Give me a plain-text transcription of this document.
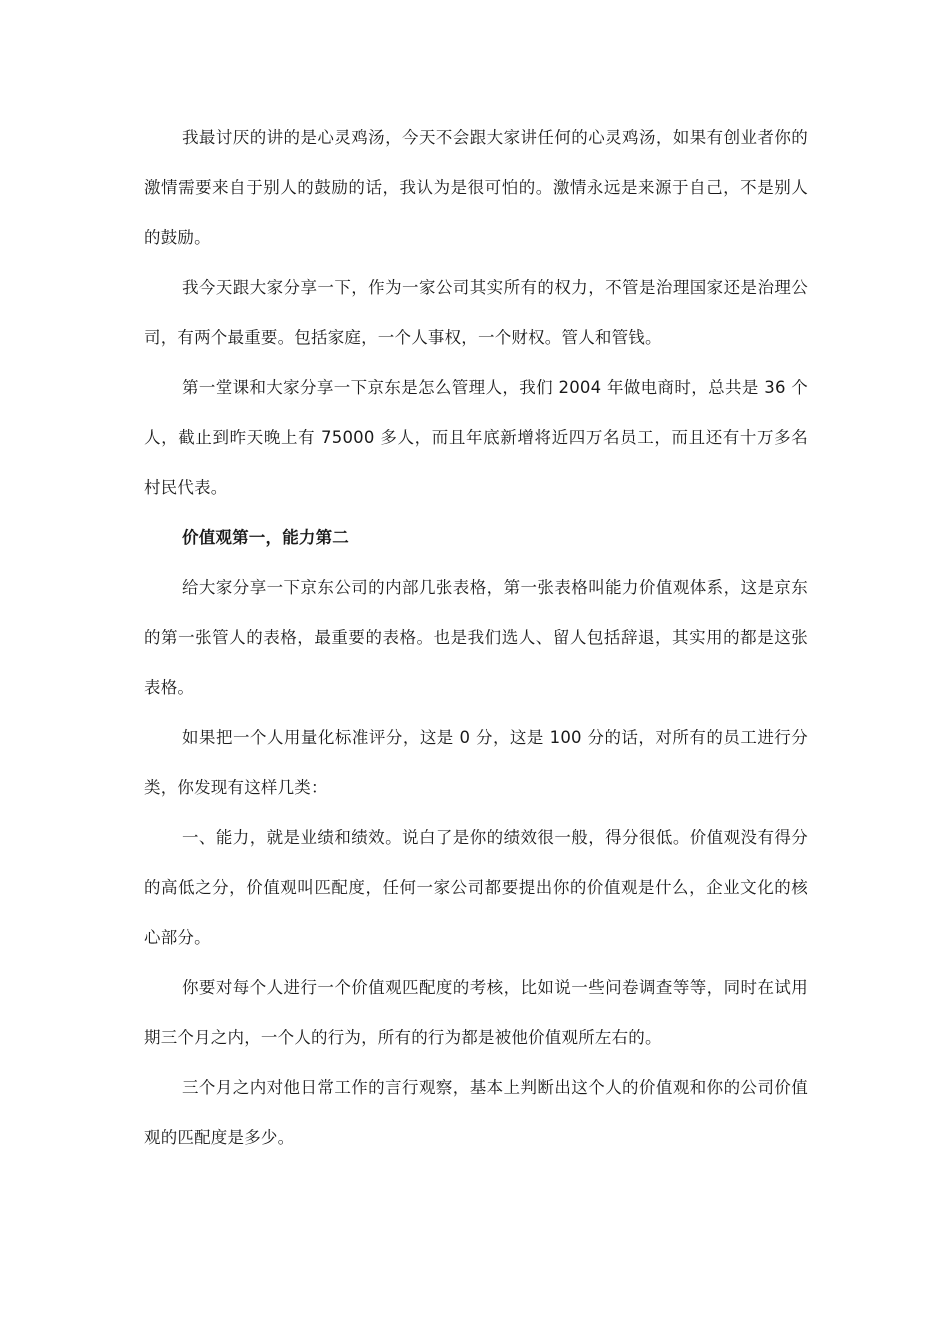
我最讨厌的讲的是心灵鸡汤，今天不会跟大家讲任何的心灵鸡汤，如果有创业者你的激情需要来自于别人的鼓励的话，我认为是很可怕的。激情永远是来源于自己，不是别人的鼓励。

我今天跟大家分享一下，作为一家公司其实所有的权力，不管是治理国家还是治理公司，有两个最重要。包括家庭，一个人事权，一个财权。管人和管钱。

第一堂课和大家分享一下京东是怎么管理人，我们 2004 年做电商时，总共是 36 个人，截止到昨天晚上有 75000 多人，而且年底新增将近四万名员工，而且还有十万多名村民代表。

价值观第一，能力第二

给大家分享一下京东公司的内部几张表格，第一张表格叫能力价值观体系，这是京东的第一张管人的表格，最重要的表格。也是我们选人、留人包括辞退，其实用的都是这张表格。

如果把一个人用量化标准评分，这是 0 分，这是 100 分的话，对所有的员工进行分类，你发现有这样几类：

一、能力，就是业绩和绩效。说白了是你的绩效很一般，得分很低。价值观没有得分的高低之分，价值观叫匹配度，任何一家公司都要提出你的价值观是什么，企业文化的核心部分。

你要对每个人进行一个价值观匹配度的考核，比如说一些问卷调查等等，同时在试用期三个月之内，一个人的行为，所有的行为都是被他价值观所左右的。

三个月之内对他日常工作的言行观察，基本上判断出这个人的价值观和你的公司价值观的匹配度是多少。
